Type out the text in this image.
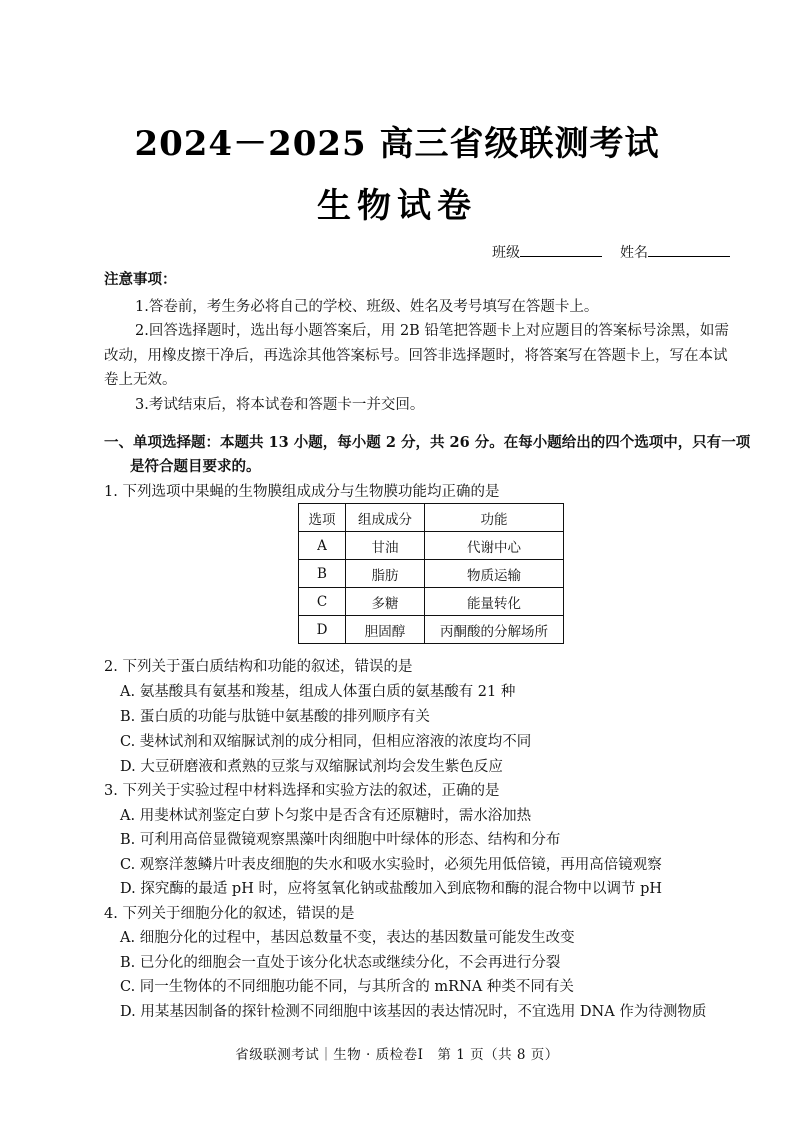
2024－2025 高三省级联测考试
生物试卷
班级	姓名
注意事项：
1.答卷前，考生务必将自己的学校、班级、姓名及考号填写在答题卡上。
2.回答选择题时，选出每小题答案后，用 2B 铅笔把答题卡上对应题目的答案标号涂黑，如需
改动，用橡皮擦干净后，再选涂其他答案标号。回答非选择题时，将答案写在答题卡上，写在本试
卷上无效。
3.考试结束后，将本试卷和答题卡一并交回。
一、单项选择题：本题共 13 小题，每小题 2 分，共 26 分。在每小题给出的四个选项中，只有一项
是符合题目要求的。
1. 下列选项中果蝇的生物膜组成成分与生物膜功能均正确的是
选项	组成成分	功能
A	甘油	代谢中心
B	脂肪	物质运输
C	多糖	能量转化
D	胆固醇	丙酮酸的分解场所
2. 下列关于蛋白质结构和功能的叙述，错误的是
A. 氨基酸具有氨基和羧基，组成人体蛋白质的氨基酸有 21 种
B. 蛋白质的功能与肽链中氨基酸的排列顺序有关
C. 斐林试剂和双缩脲试剂的成分相同，但相应溶液的浓度均不同
D. 大豆研磨液和煮熟的豆浆与双缩脲试剂均会发生紫色反应
3. 下列关于实验过程中材料选择和实验方法的叙述，正确的是
A. 用斐林试剂鉴定白萝卜匀浆中是否含有还原糖时，需水浴加热
B. 可利用高倍显微镜观察黑藻叶肉细胞中叶绿体的形态、结构和分布
C. 观察洋葱鳞片叶表皮细胞的失水和吸水实验时，必须先用低倍镜，再用高倍镜观察
D. 探究酶的最适 pH 时，应将氢氧化钠或盐酸加入到底物和酶的混合物中以调节 pH
4. 下列关于细胞分化的叙述，错误的是
A. 细胞分化的过程中，基因总数量不变，表达的基因数量可能发生改变
B. 已分化的细胞会一直处于该分化状态或继续分化，不会再进行分裂
C. 同一生物体的不同细胞功能不同，与其所含的 mRNA 种类不同有关
D. 用某基因制备的探针检测不同细胞中该基因的表达情况时，不宜选用 DNA 作为待测物质
省级联测考试｜生物 · 质检卷Ⅰ　第 1 页（共 8 页）
